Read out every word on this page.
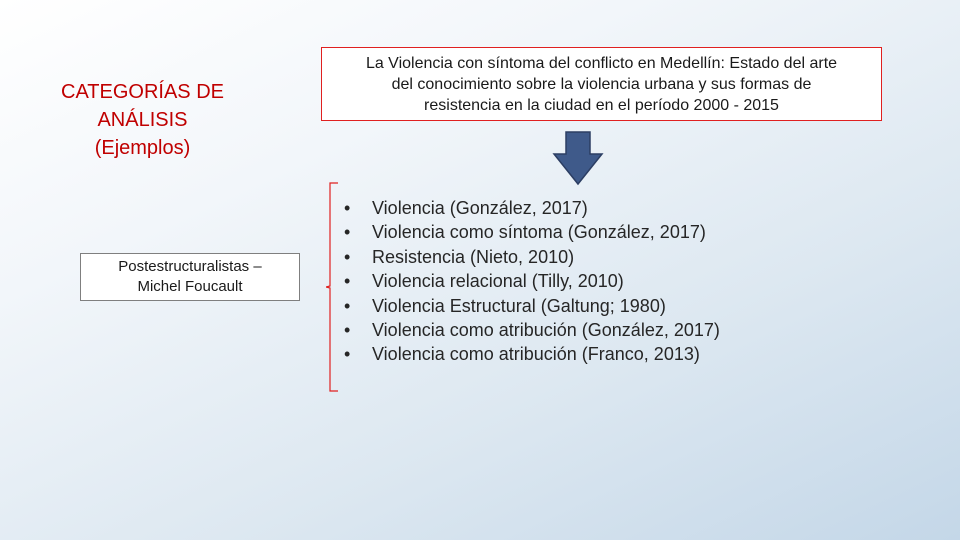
CATEGORÍAS DE
ANÁLISIS
(Ejemplos)
Postestructuralistas –
Michel Foucault
La Violencia con síntoma del conflicto en Medellín: Estado del arte
del conocimiento sobre la violencia urbana y sus formas de
resistencia en la ciudad en el período 2000 - 2015
•	Violencia (González, 2017)
•	Violencia como síntoma (González, 2017)
•	Resistencia (Nieto, 2010)
•	Violencia relacional (Tilly, 2010)
•	Violencia Estructural (Galtung; 1980)
•	Violencia como atribución (González, 2017)
•	Violencia como atribución (Franco, 2013)
